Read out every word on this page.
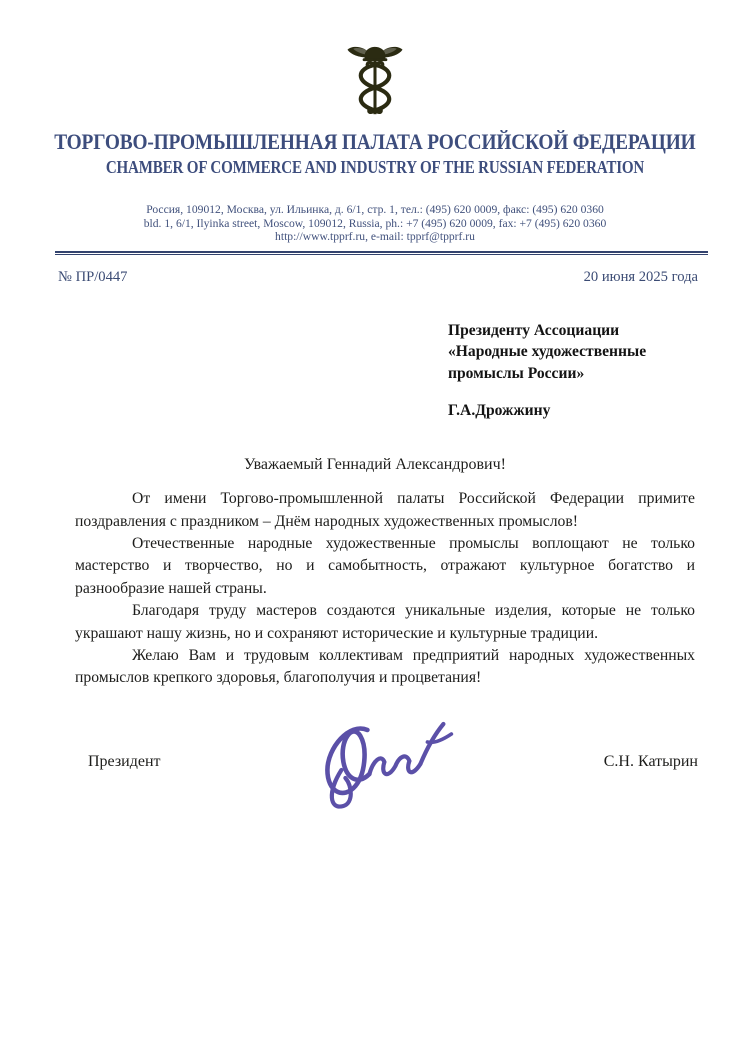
ТОРГОВО-ПРОМЫШЛЕННАЯ ПАЛАТА РОССИЙСКОЙ ФЕДЕРАЦИИ
CHAMBER OF COMMERCE AND INDUSTRY OF THE RUSSIAN FEDERATION
Россия, 109012, Москва, ул. Ильинка, д. 6/1, стр. 1, тел.: (495) 620 0009, факс: (495) 620 0360
bld. 1, 6/1, Ilyinka street, Moscow, 109012, Russia, ph.: +7 (495) 620 0009, fax: +7 (495) 620 0360
http://www.tpprf.ru, e-mail: tpprf@tpprf.ru
№ ПР/0447	20 июня 2025 года
Президенту Ассоциации
«Народные художественные
промыслы России»
Г.А.Дрожжину
Уважаемый Геннадий Александрович!

От имени Торгово-промышленной палаты Российской Федерации примите поздравления с праздником – Днём народных художественных промыслов!

Отечественные народные художественные промыслы воплощают не только мастерство и творчество, но и самобытность, отражают культурное богатство и разнообразие нашей страны.

Благодаря труду мастеров создаются уникальные изделия, которые не только украшают нашу жизнь, но и сохраняют исторические и культурные традиции.

Желаю Вам и трудовым коллективам предприятий народных художественных промыслов крепкого здоровья, благополучия и процветания!

Президент	С.Н. Катырин
